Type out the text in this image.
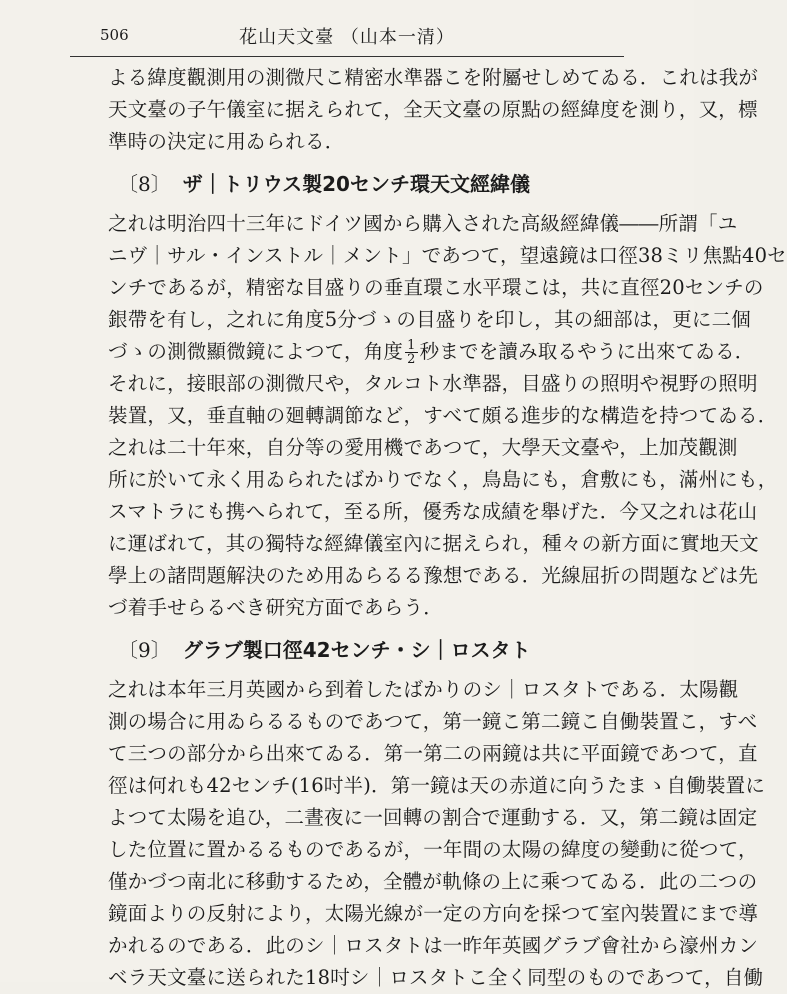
506	花山天文臺 （山本一清）
よる緯度觀測用の測微尺こ精密水準器こを附屬せしめてゐる．これは我が
天文臺の子午儀室に据えられて，全天文臺の原點の經緯度を測り，又，標
準時の決定に用ゐられる．
〔8〕 ザ｜トリウス製20センチ環天文經緯儀
之れは明治四十三年にドイツ國から購入された高級經緯儀――所謂「ユ
ニヴ｜サル・インストル｜メント」であつて，望遠鏡は口徑38ミリ焦點40セ
ンチであるが，精密な目盛りの垂直環こ水平環こは，共に直徑20センチの
銀帶を有し，之れに角度5分づゝの目盛りを印し，其の細部は，更に二個
づゝの測微顯微鏡によつて，角度 $\frac{1}{2}$ 秒までを讀み取るやうに出來てゐる．
それに，接眼部の測微尺や，タルコト水準器，目盛りの照明や視野の照明
裝置，又，垂直軸の廻轉調節など，すべて頗る進步的な構造を持つてゐる．
之れは二十年來，自分等の愛用機であつて，大學天文臺や，上加茂觀測
所に於いて永く用ゐられたばかりでなく，鳥島にも，倉敷にも，滿州にも，
スマトラにも携へられて，至る所，優秀な成績を舉げた．今又之れは花山
に運ばれて，其の獨特な經緯儀室內に据えられ，種々の新方面に實地天文
學上の諸問題解決のため用ゐらるる豫想である．光線屈折の問題などは先
づ着手せらるべき研究方面であらう．
〔9〕 グラブ製口徑42センチ・シ｜ロスタト
之れは本年三月英國から到着したばかりのシ｜ロスタトである．太陽觀
測の場合に用ゐらるるものであつて，第一鏡こ第二鏡こ自働裝置こ，すべ
て三つの部分から出來てゐる．第一第二の兩鏡は共に平面鏡であつて，直
徑は何れも42センチ(16吋半)．第一鏡は天の赤道に向うたまゝ自働裝置に
よつて太陽を追ひ，二晝夜に一回轉の割合で運動する．又，第二鏡は固定
した位置に置かるるものであるが，一年間の太陽の緯度の變動に從つて，
僅かづつ南北に移動するため，全體が軌條の上に乘つてゐる．此の二つの
鏡面よりの反射により，太陽光線が一定の方向を採つて室內裝置にまで導
かれるのである．此のシ｜ロスタトは一昨年英國グラブ會社から濠州カン
ベラ天文臺に送られた18吋シ｜ロスタトこ全く同型のものであつて，自働
